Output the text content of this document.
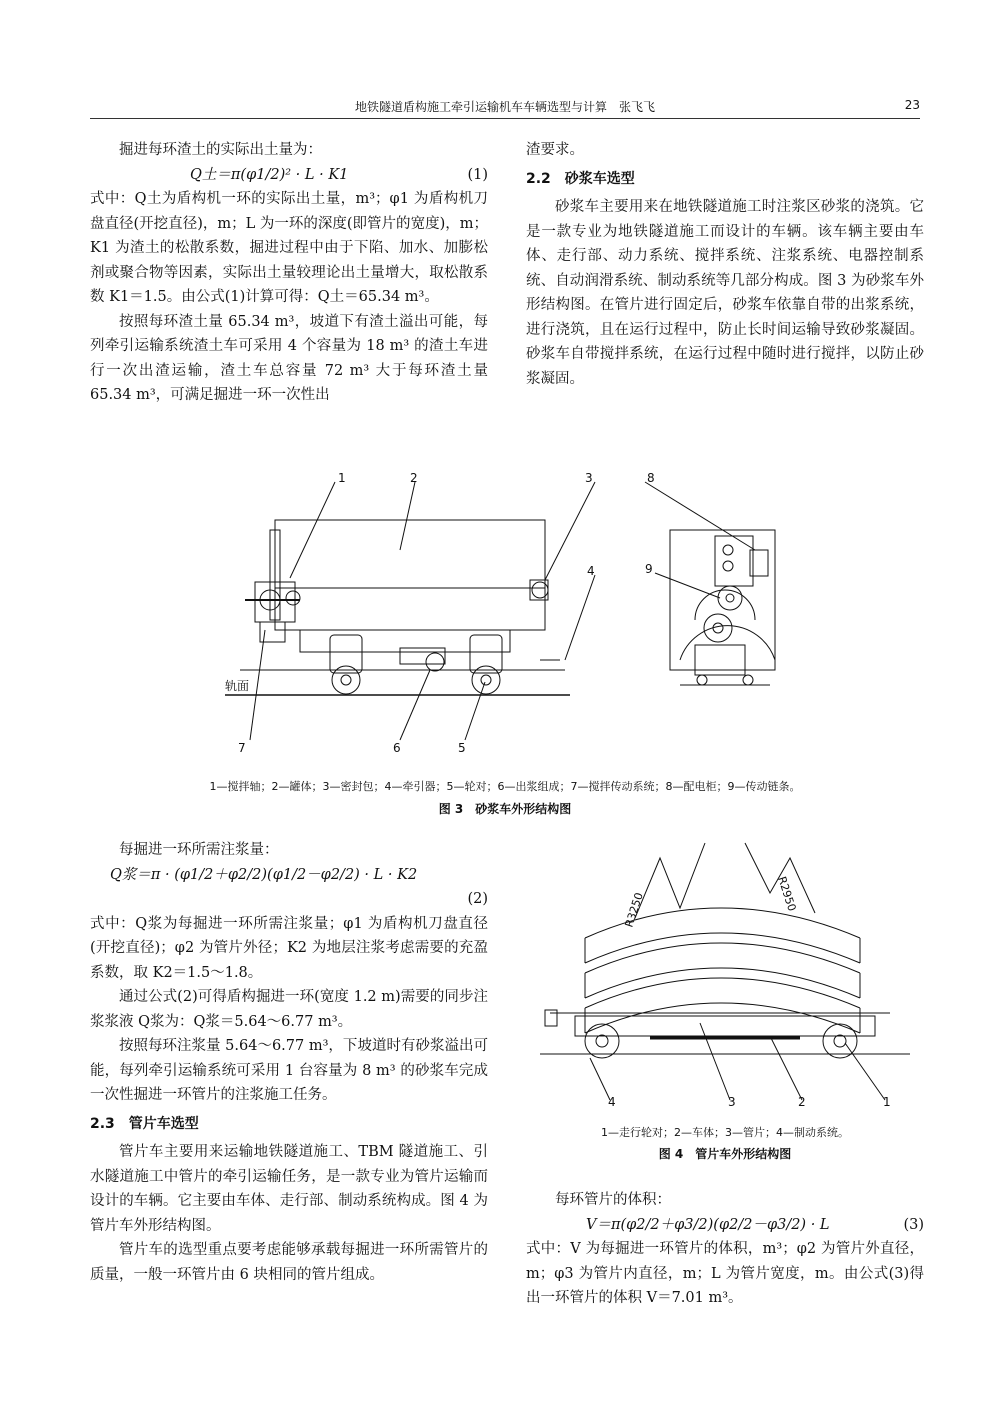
地铁隧道盾构施工牵引运输机车车辆选型与计算　张飞飞	23

掘进每环渣土的实际出土量为：

Q土＝π(φ1/2)² · L · K1	(1)

式中：Q土为盾构机一环的实际出土量，m³；φ1 为盾构机刀盘直径(开挖直径)，m；L 为一环的深度(即管片的宽度)，m；K1 为渣土的松散系数，掘进过程中由于下陷、加水、加膨松剂或聚合物等因素，实际出土量较理论出土量增大，取松散系数 K1＝1.5。由公式(1)计算可得：Q土＝65.34 m³。

按照每环渣土量 65.34 m³，坡道下有渣土溢出可能，每列牵引运输系统渣土车可采用 4 个容量为 18 m³ 的渣土车进行一次出渣运输，渣土车总容量 72 m³ 大于每环渣土量 65.34 m³，可满足掘进一环一次性出

渣要求。

2.2　砂浆车选型

砂浆车主要用来在地铁隧道施工时注浆区砂浆的浇筑。它是一款专业为地铁隧道施工而设计的车辆。该车辆主要由车体、走行部、动力系统、搅拌系统、注浆系统、电器控制系统、自动润滑系统、制动系统等几部分构成。图 3 为砂浆车外形结构图。在管片进行固定后，砂浆车依靠自带的出浆系统，进行浇筑，且在运行过程中，防止长时间运输导致砂浆凝固。砂浆车自带搅拌系统，在运行过程中随时进行搅拌，以防止砂浆凝固。

1	2	3	8
4	9
7	6	5
轨面
1—搅拌轴；2—罐体；3—密封包；4—牵引器；5—轮对；6—出浆组成；7—搅拌传动系统；8—配电柜；9—传动链条。
图 3　砂浆车外形结构图

每掘进一环所需注浆量：

Q浆＝π · (φ1/2＋φ2/2)(φ1/2－φ2/2) · L · K2
(2)

式中：Q浆为每掘进一环所需注浆量；φ1 为盾构机刀盘直径(开挖直径)；φ2 为管片外径；K2 为地层注浆考虑需要的充盈系数，取 K2＝1.5～1.8。

通过公式(2)可得盾构掘进一环(宽度 1.2 m)需要的同步注浆浆液 Q浆为：Q浆＝5.64～6.77 m³。

按照每环注浆量 5.64～6.77 m³，下坡道时有砂浆溢出可能，每列牵引运输系统可采用 1 台容量为 8 m³ 的砂浆车完成一次性掘进一环管片的注浆施工任务。

2.3　管片车选型

管片车主要用来运输地铁隧道施工、TBM 隧道施工、引水隧道施工中管片的牵引运输任务，是一款专业为管片运输而设计的车辆。它主要由车体、走行部、制动系统构成。图 4 为管片车外形结构图。

管片车的选型重点要考虑能够承载每掘进一环所需管片的质量，一般一环管片由 6 块相同的管片组成。

R3250	R2950
4	3	2	1
1—走行轮对；2—车体；3—管片；4—制动系统。
图 4　管片车外形结构图

每环管片的体积：

V＝π(φ2/2＋φ3/2)(φ2/2－φ3/2) · L	(3)

式中：V 为每掘进一环管片的体积，m³；φ2 为管片外直径，m；φ3 为管片内直径，m；L 为管片宽度，m。由公式(3)得出一环管片的体积 V＝7.01 m³。
